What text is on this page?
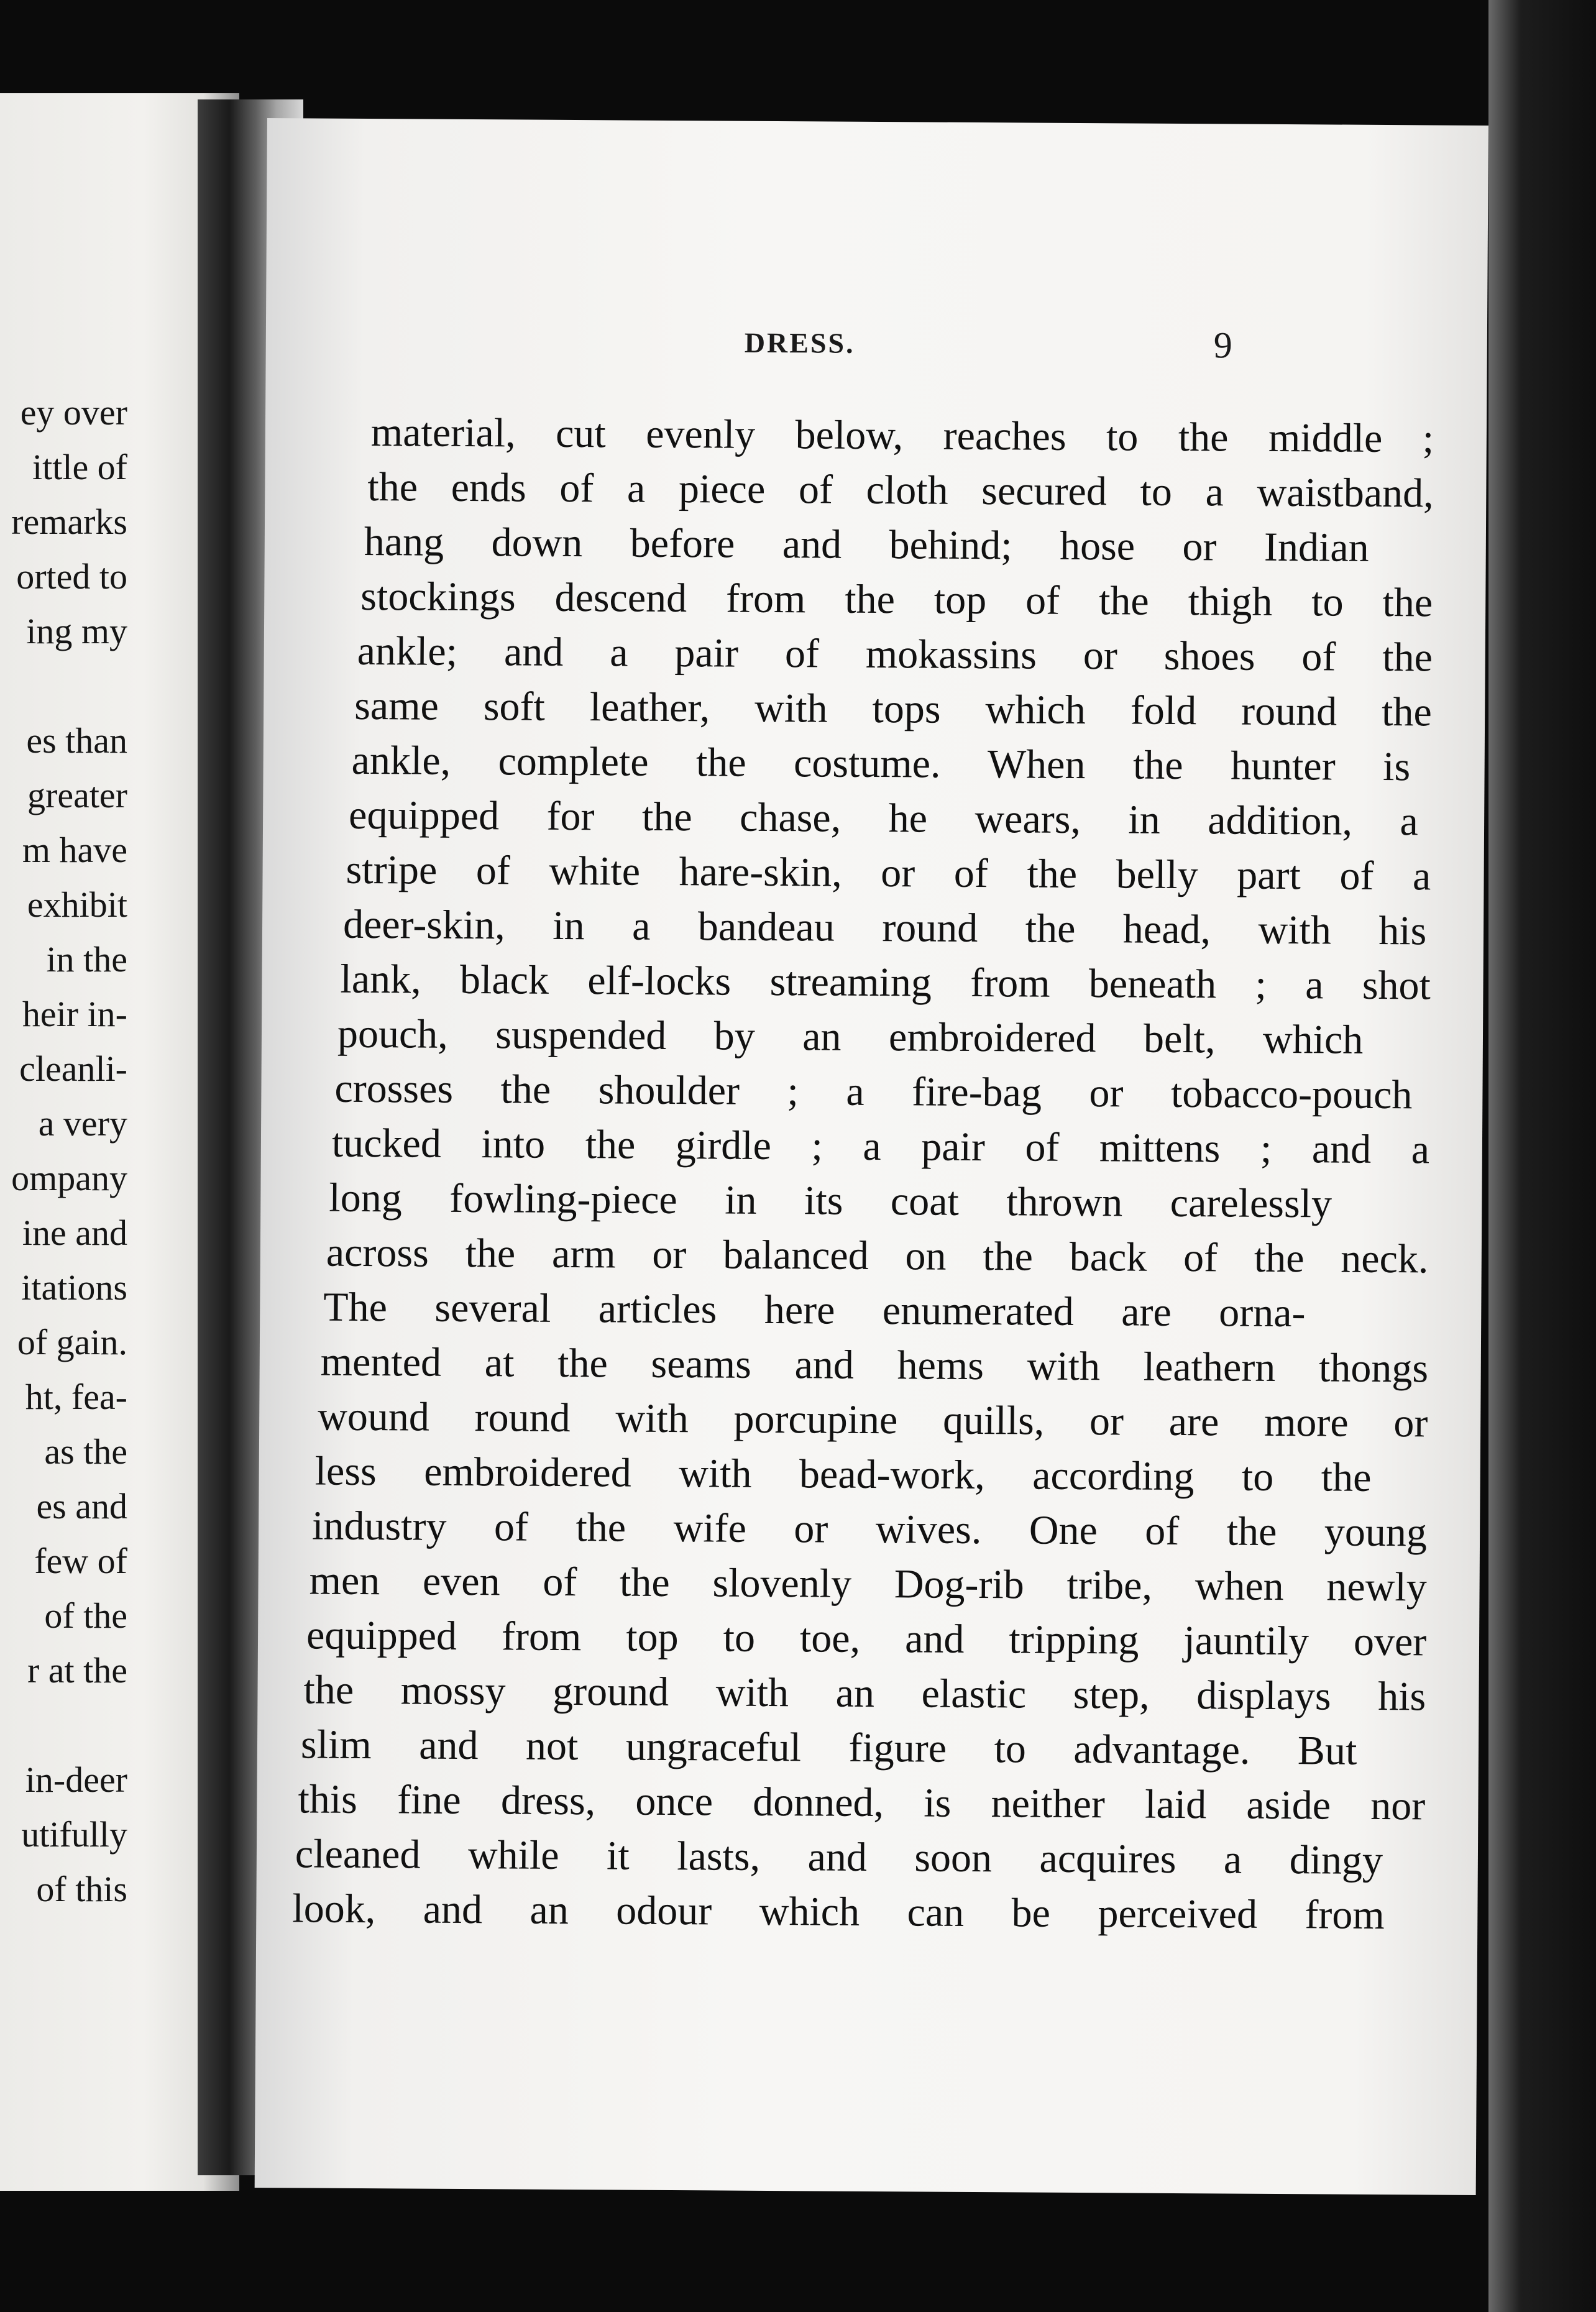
ey over
ittle of
remarks
orted to
ing my
es than
greater
m have
exhibit
in the
heir in-
cleanli-
a very
ompany
ine and
itations
of gain.
ht, fea-
as the
es and
few of
of the
r at the
in-deer
utifully
of this
DRESS.	9
material, cut evenly below, reaches to the middle ;
the ends of a piece of cloth secured to a waistband,
hang down before and behind; hose or Indian
stockings descend from the top of the thigh to the
ankle; and a pair of mokassins or shoes of the
same soft leather, with tops which fold round the
ankle, complete the costume. When the hunter is
equipped for the chase, he wears, in addition, a
stripe of white hare-skin, or of the belly part of a
deer-skin, in a bandeau round the head, with his
lank, black elf-locks streaming from beneath ; a shot
pouch, suspended by an embroidered belt, which
crosses the shoulder ; a fire-bag or tobacco-pouch
tucked into the girdle ; a pair of mittens ; and a
long fowling-piece in its coat thrown carelessly
across the arm or balanced on the back of the neck.
The several articles here enumerated are orna-
mented at the seams and hems with leathern thongs
wound round with porcupine quills, or are more or
less embroidered with bead-work, according to the
industry of the wife or wives. One of the young
men even of the slovenly Dog-rib tribe, when newly
equipped from top to toe, and tripping jauntily over
the mossy ground with an elastic step, displays his
slim and not ungraceful figure to advantage. But
this fine dress, once donned, is neither laid aside nor
cleaned while it lasts, and soon acquires a dingy
look, and an odour which can be perceived from
